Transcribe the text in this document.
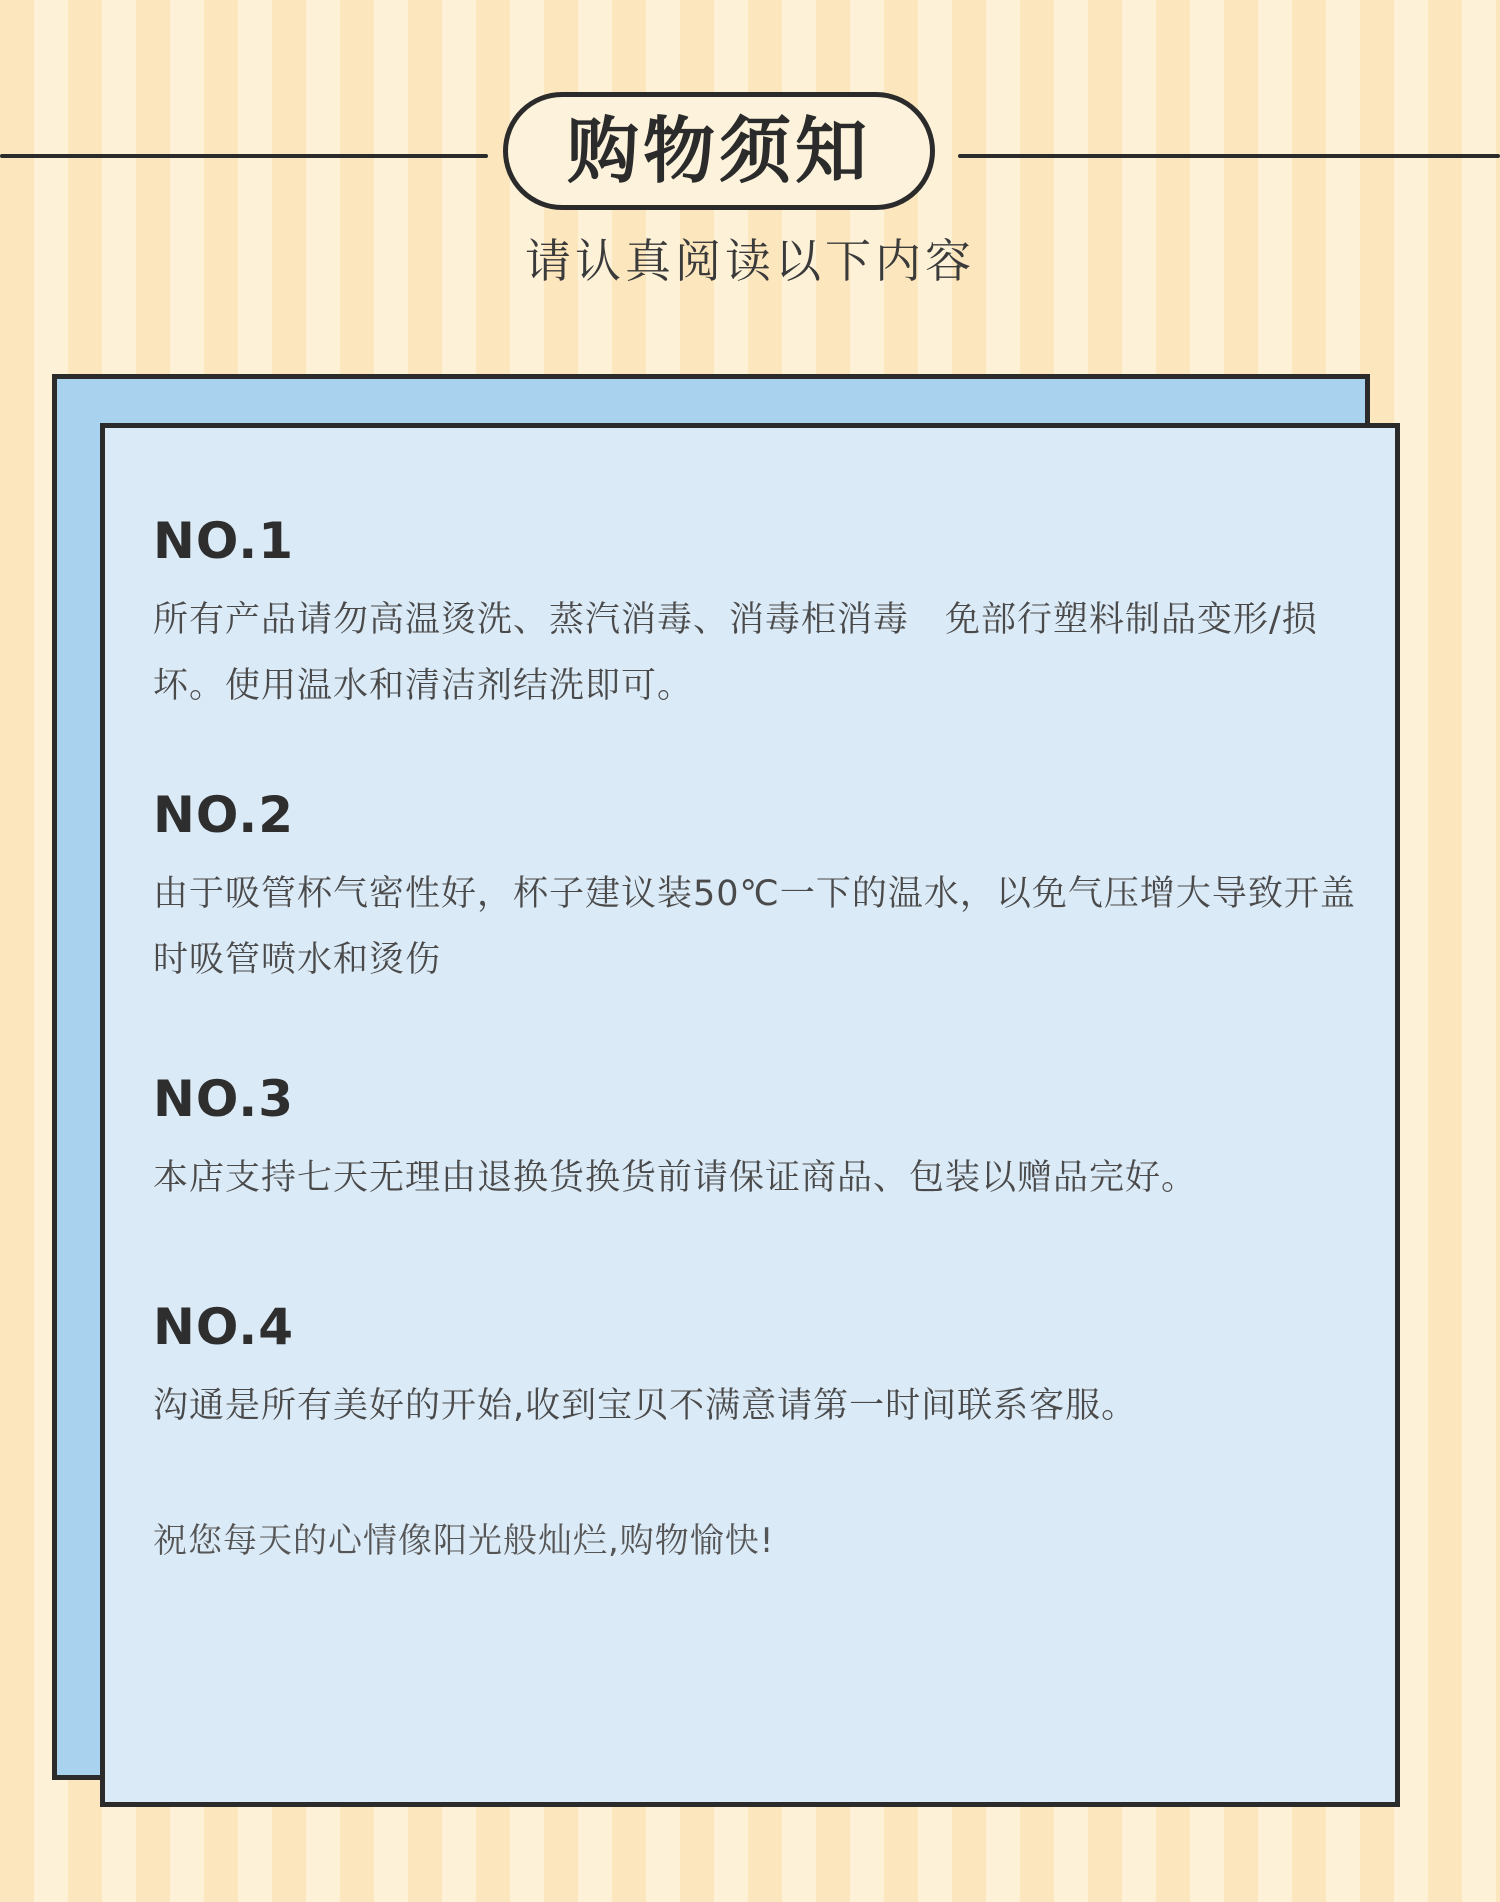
购物须知
请认真阅读以下内容
NO.1
所有产品请勿高温烫洗、蒸汽消毒、消毒柜消毒　免部行塑料制品变形/损坏。使用温水和清洁剂结洗即可。
NO.2
由于吸管杯气密性好，杯子建议装50℃一下的温水，以免气压增大导致开盖时吸管喷水和烫伤
NO.3
本店支持七天无理由退换货换货前请保证商品、包装以赠品完好。
NO.4
沟通是所有美好的开始,收到宝贝不满意请第一时间联系客服。
祝您每天的心情像阳光般灿烂,购物愉快!
